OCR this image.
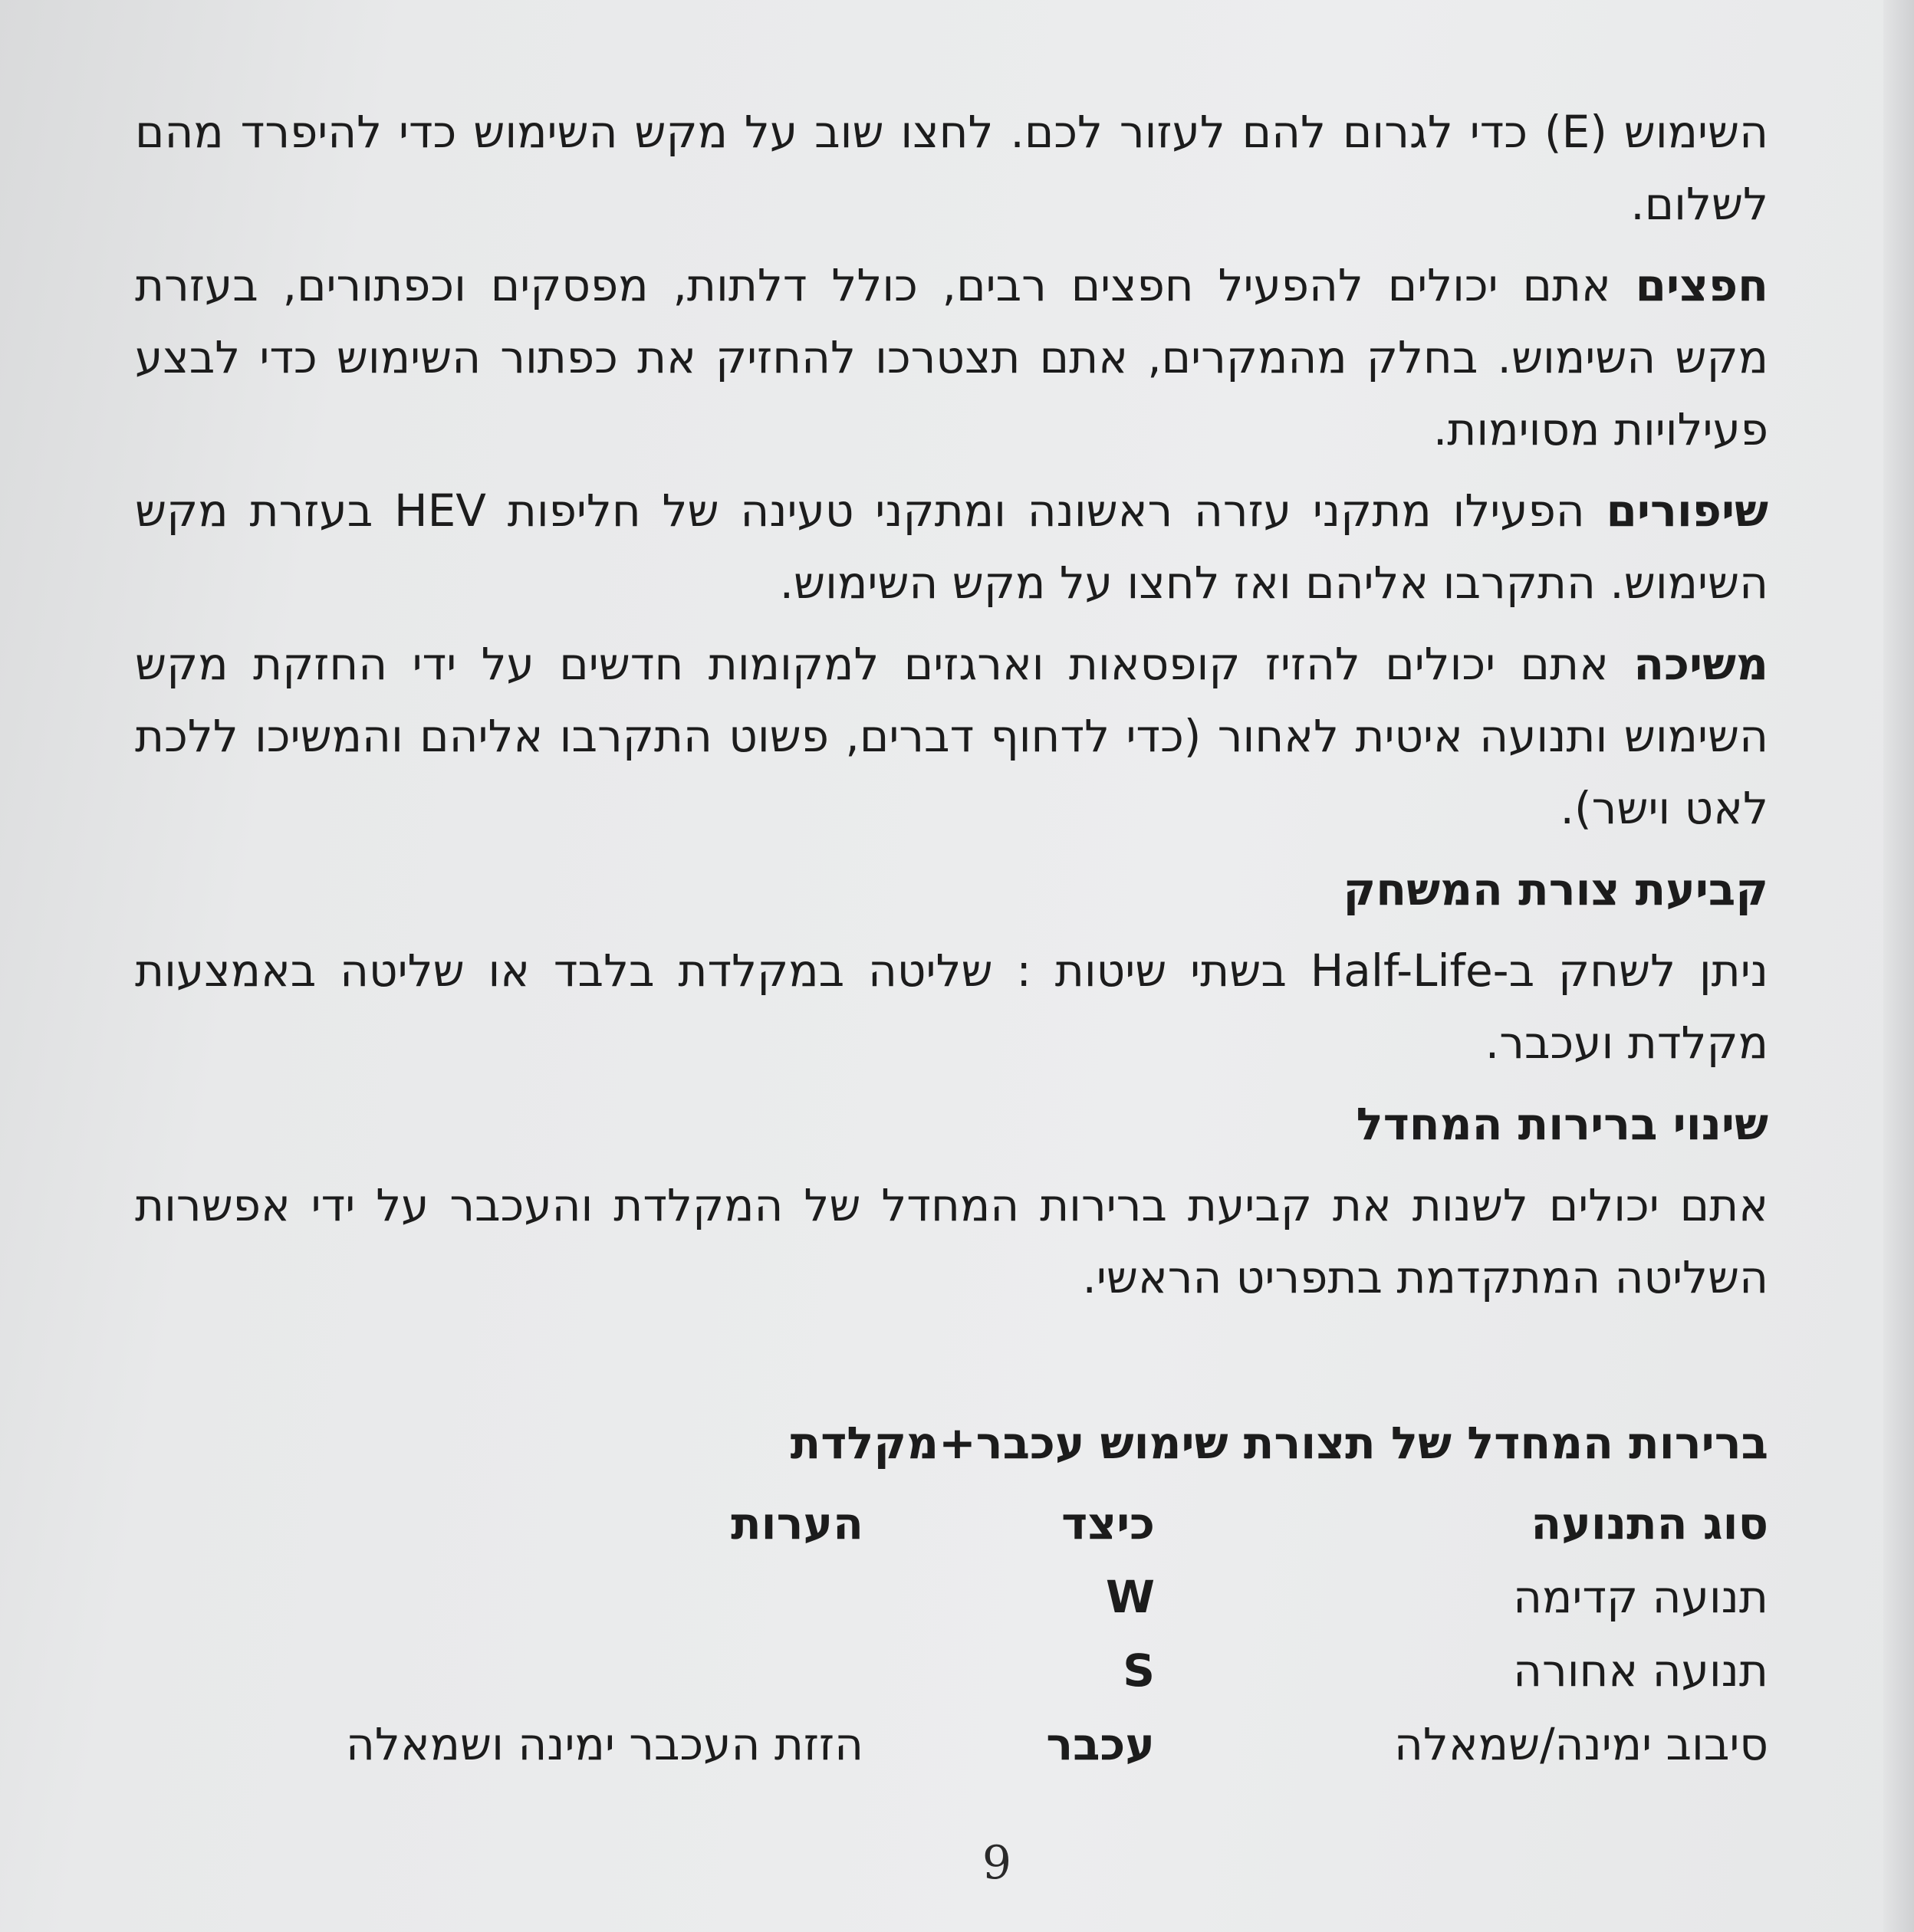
השימוש (E) כדי לגרום להם לעזור לכם. לחצו שוב על מקש השימוש כדי להיפרד מהם לשלום.

חפצים אתם יכולים להפעיל חפצים רבים, כולל דלתות, מפסקים וכפתורים, בעזרת מקש השימוש. בחלק מהמקרים, אתם תצטרכו להחזיק את כפתור השימוש כדי לבצע פעילויות מסוימות.

שיפורים הפעילו מתקני עזרה ראשונה ומתקני טעינה של חליפות HEV בעזרת מקש השימוש. התקרבו אליהם ואז לחצו על מקש השימוש.

משיכה אתם יכולים להזיז קופסאות וארגזים למקומות חדשים על ידי החזקת מקש השימוש ותנועה איטית לאחור (כדי לדחוף דברים, פשוט התקרבו אליהם והמשיכו ללכת לאט וישר).

קביעת צורת המשחק

ניתן לשחק ב-Half-Life בשתי שיטות : שליטה במקלדת בלבד או שליטה באמצעות מקלדת ועכבר.

שינוי ברירות המחדל

אתם יכולים לשנות את קביעת ברירות המחדל של המקלדת והעכבר על ידי אפשרות השליטה המתקדמת בתפריט הראשי.

ברירות המחדל של תצורת שימוש עכבר+מקלדת
סוג התנועה	כיצד	הערות
תנועה קדימה	W	
תנועה אחורה	S	
סיבוב ימינה/שמאלה	עכבר	הזזת העכבר ימינה ושמאלה
9
